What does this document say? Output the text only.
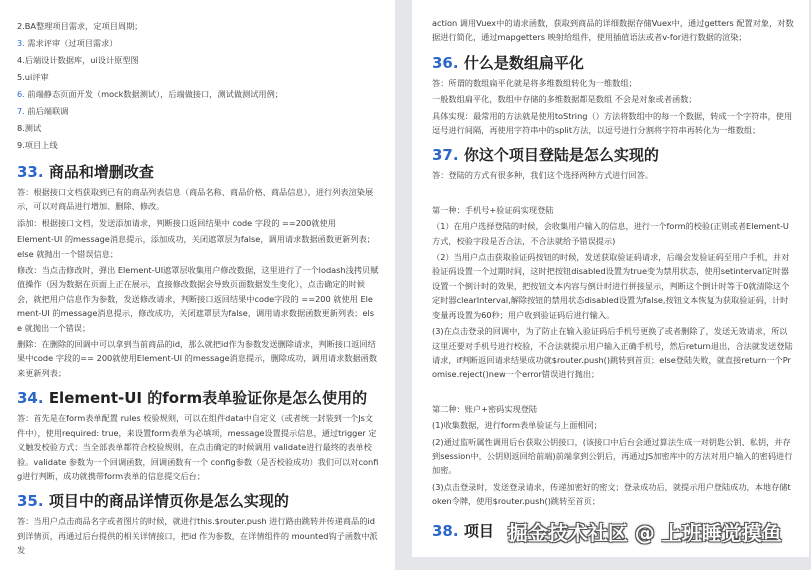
2.BA整理项目需求，定项目周期；
3. 需求评审（过项目需求）
4.后端设计数据库，ui设计原型图
5.ui评审
6. 前端静态页面开发（mock数据测试），后端做接口，测试做测试用例；
7. 前后端联调
8.测试
9.项目上线
33. 商品和增删改查

答：根据接口文档获取到已有的商品列表信息（商品名称、商品价格、商品信息），进行列表渲染展示，可以对商品进行增加、删除、修改。

添加：根据接口文档，发送添加请求，判断接口返回结果中 code 字段的 ==200就使用

Element-UI 的message消息提示，添加成功，关闭遮罩层为false，调用请求数据函数更新列表；else 就抛出一个错误信息；

修改：当点击修改时，弹出 Element-UI遮罩层收集用户修改数据，这里进行了一个lodash浅拷贝赋值操作（因为数据在页面上正在展示，直接修改数据会导致页面数据发生变化），点击确定的时候会，就把用户信息作为参数，发送修改请求，判断接口返回结果中code字段的 ==200 就使用 Element-UI 的message消息提示，修改成功，关闭遮罩层为false，调用请求数据函数更新列表；else 就抛出一个错误；

删除：在删除的回调中可以拿到当前商品的id，那么就把id作为参数发送删除请求，判断接口返回结果中code 字段的== 200就使用Element-UI 的message消息提示，删除成功，调用请求数据函数来更新列表；

34. Element-UI 的form表单验证你是怎么使用的

答：首先是在form表单配置 rules 校验规则，可以在组件data中自定义（或者统一封装到一个Js文件中），使用required: true，来设置form表单为必填项，message设置提示信息，通过trigger 定义触发校验方式；当全部表单都符合校验规则，在点击确定的时候调用 validate进行最终的表单校验。validate 参数为一个回调函数，回调函数有一个 config参数（是否校验成功）我们可以对config进行判断，成功就携带form表单的信息提交后台；

35. 项目中的商品详情页你是怎么实现的

答：当用户点击商品名字或者图片的时候，就进行this.$router.push 进行路由跳转并传递商品的id 到详情页，再通过后台提供的相关详情接口，把id 作为参数，在详情组件的 mounted钩子函数中派发

action 调用Vuex中的请求函数，获取到商品的详细数据存储Vuex中，通过getters 配置对象，对数据进行简化，通过mapgetters 映射给组件，使用插值语法或者v-for进行数据的渲染；

36. 什么是数组扁平化

答：所谓的数组扁平化就是将多维数组转化为一维数组；

一般数组扁平化，数组中存储的多维数据都是数组 不会是对象或者函数；

具体实现：最常用的方法就是使用toString（）方法将数组中的每一个数据，转成一个字符串，使用逗号进行间隔，再使用字符串中的split方法，以逗号进行分割将字符串再转化为一维数组；

37. 你这个项目登陆是怎么实现的

答：登陆的方式有很多种，我们这个选择两种方式进行回答。

第一种：手机号+验证码实现登陆

（1）在用户选择登陆的时候，会收集用户输入的信息，进行一个form的校验(正则或者Element-U方式，校验字段是否合法，不合法就给予错误提示)

（2）当用户点击获取验证码按钮的时候，发送获取验证码请求，后端会发验证码至用户手机，并对验证码设置一个过期时间，这时把按钮disabled设置为true变为禁用状态，使用setinterval定时器设置一个倒计时的效果，把按钮文本内容与倒计时进行拼接显示，判断这个倒计时等于0就清除这个定时器clearInterval,解除按钮的禁用状态disabled设置为false,按钮文本恢复为获取验证码，计时变量再设置为60秒；用户收到验证码后进行输入。

(3)在点击登录的回调中，为了防止在输入验证码后手机号更换了或者删除了，发送无效请求，所以这里还要对手机号进行校验，不合法就提示用户输入正确手机号，然后return退出，合法就发送登陆请求，if判断返回请求结果成功就$router.push()跳转到首页；else登陆失败，就直接return一个Promise.reject()new一个error错误进行抛出；

第二种：账户+密码实现登陆

(1)收集数据，进行form表单验证与上面相同；

(2)通过监听属性调用后台获取公钥接口，(该接口中后台会通过算法生成一对钥匙公钥、私钥，并存到session中，公钥则返回给前端)前端拿到公钥后，再通过JS加密库中的方法对用户输入的密码进行加密。

(3)点击登录时，发送登录请求，传递加密好的密文；登录成功后，就提示用户登陆成功，本地存储token令牌，使用$router.push()跳转至首页；

38. 项目 掘金技术社区 @ 上班睡觉摸鱼
